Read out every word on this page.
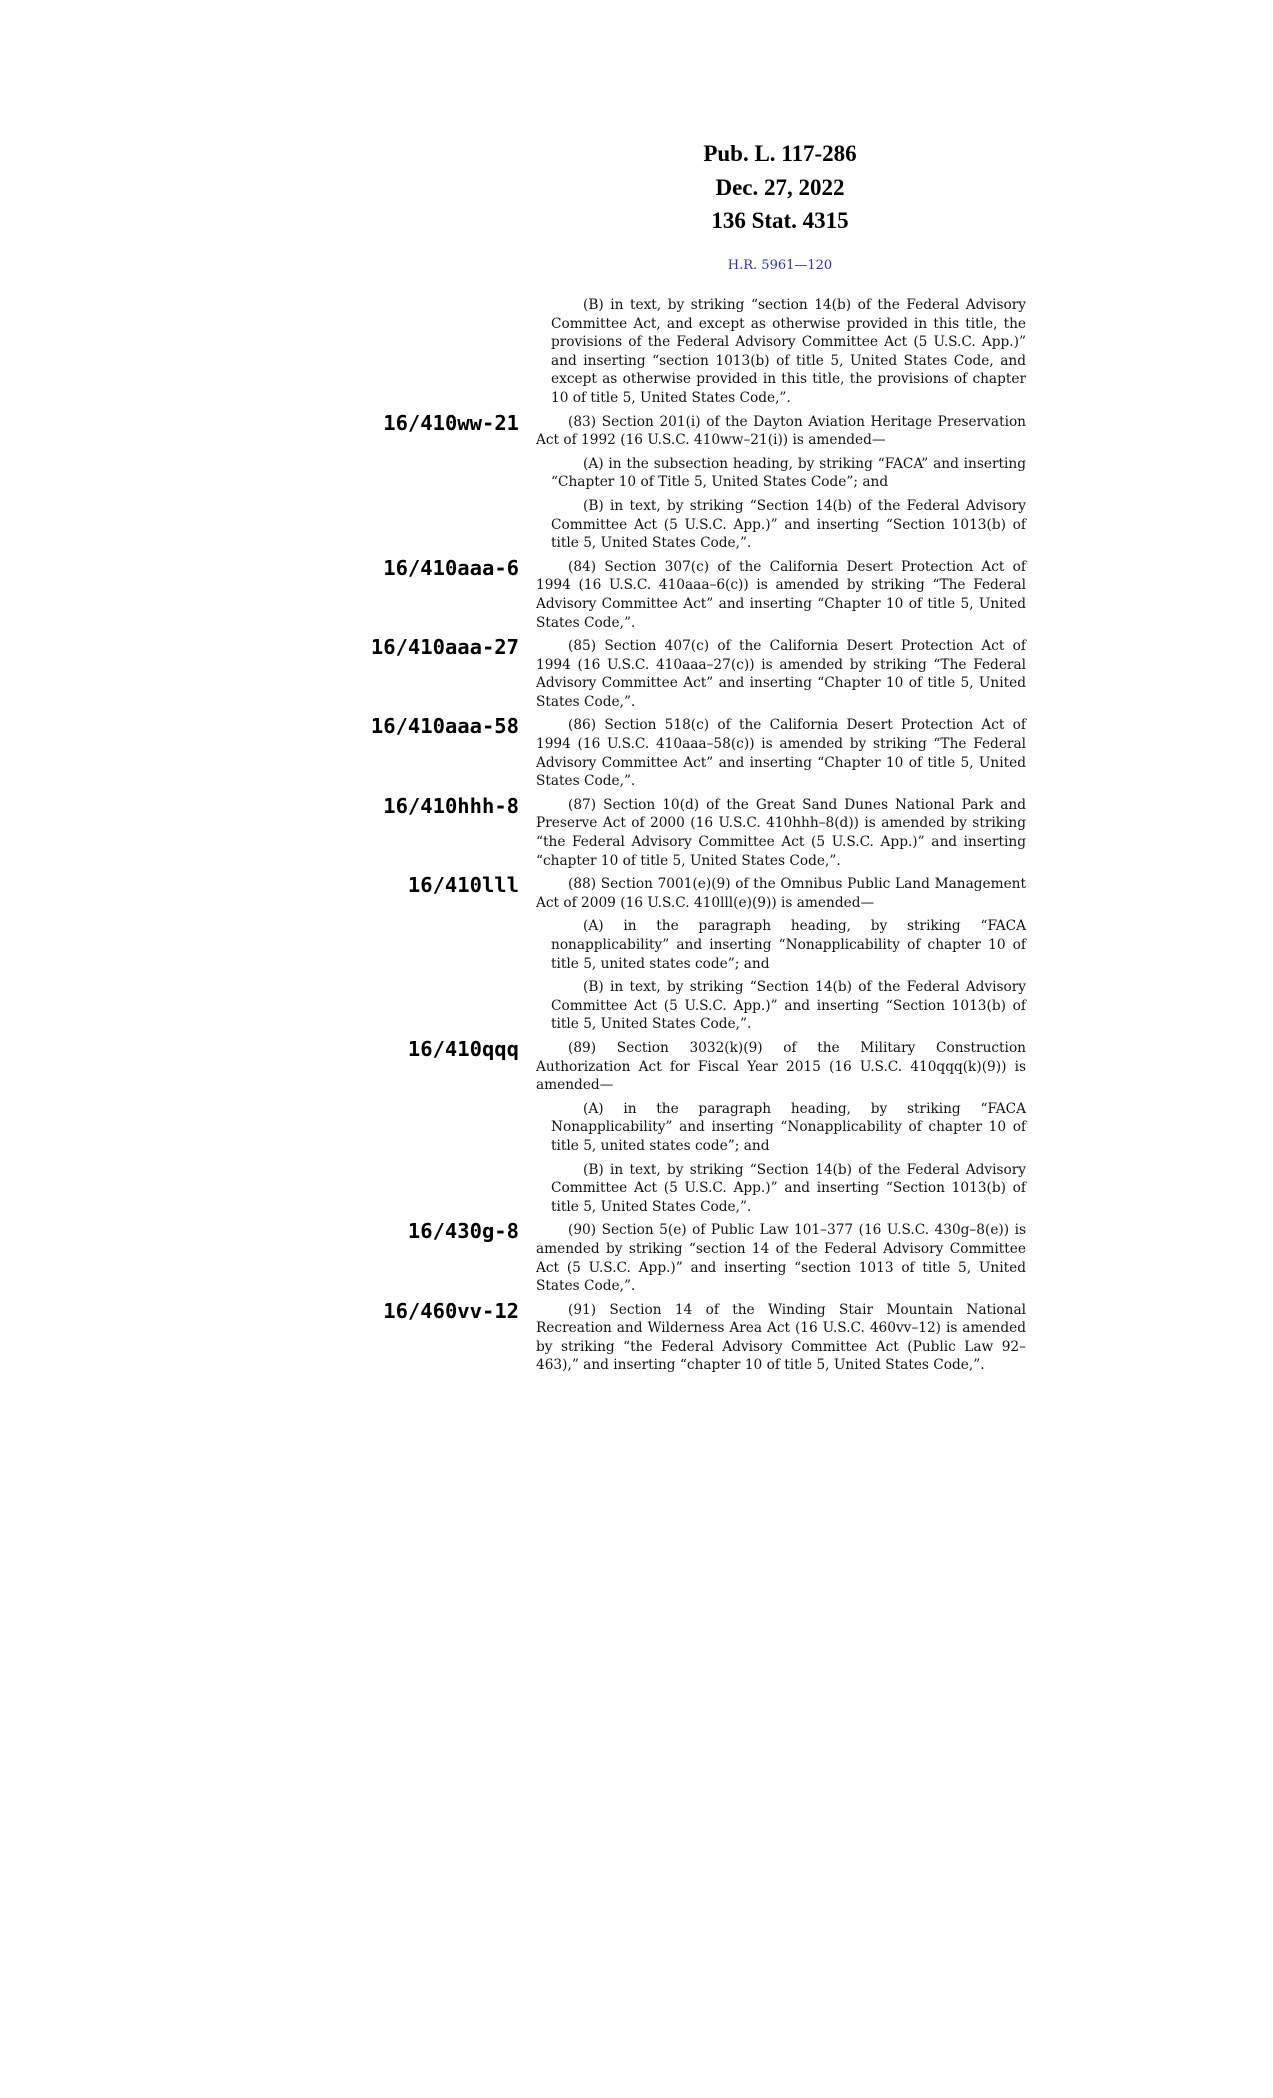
Pub. L. 117-286
Dec. 27, 2022
136 Stat. 4315

H.R. 5961—120

(B) in text, by striking “section 14(b) of the Federal Advisory Committee Act, and except as otherwise provided in this title, the provisions of the Federal Advisory Committee Act (5 U.S.C. App.)” and inserting “section 1013(b) of title 5, United States Code, and except as otherwise provided in this title, the provisions of chapter 10 of title 5, United States Code,”.

16/410ww-21	(83) Section 201(i) of the Dayton Aviation Heritage Preservation Act of 1992 (16 U.S.C. 410ww–21(i)) is amended—

(A) in the subsection heading, by striking “FACA” and inserting “Chapter 10 of Title 5, United States Code”; and

(B) in text, by striking “Section 14(b) of the Federal Advisory Committee Act (5 U.S.C. App.)” and inserting “Section 1013(b) of title 5, United States Code,”.

16/410aaa-6	(84) Section 307(c) of the California Desert Protection Act of 1994 (16 U.S.C. 410aaa–6(c)) is amended by striking “The Federal Advisory Committee Act” and inserting “Chapter 10 of title 5, United States Code,”.

16/410aaa-27	(85) Section 407(c) of the California Desert Protection Act of 1994 (16 U.S.C. 410aaa–27(c)) is amended by striking “The Federal Advisory Committee Act” and inserting “Chapter 10 of title 5, United States Code,”.

16/410aaa-58	(86) Section 518(c) of the California Desert Protection Act of 1994 (16 U.S.C. 410aaa–58(c)) is amended by striking “The Federal Advisory Committee Act” and inserting “Chapter 10 of title 5, United States Code,”.

16/410hhh-8	(87) Section 10(d) of the Great Sand Dunes National Park and Preserve Act of 2000 (16 U.S.C. 410hhh–8(d)) is amended by striking “the Federal Advisory Committee Act (5 U.S.C. App.)” and inserting “chapter 10 of title 5, United States Code,”.

16/410lll	(88) Section 7001(e)(9) of the Omnibus Public Land Management Act of 2009 (16 U.S.C. 410lll(e)(9)) is amended—

(A) in the paragraph heading, by striking “FACA nonapplicability” and inserting “Nonapplicability of chapter 10 of title 5, united states code”; and

(B) in text, by striking “Section 14(b) of the Federal Advisory Committee Act (5 U.S.C. App.)” and inserting “Section 1013(b) of title 5, United States Code,”.

16/410qqq	(89) Section 3032(k)(9) of the Military Construction Authorization Act for Fiscal Year 2015 (16 U.S.C. 410qqq(k)(9)) is amended—

(A) in the paragraph heading, by striking “FACA Nonapplicability” and inserting “Nonapplicability of chapter 10 of title 5, united states code”; and

(B) in text, by striking “Section 14(b) of the Federal Advisory Committee Act (5 U.S.C. App.)” and inserting “Section 1013(b) of title 5, United States Code,”.

16/430g-8	(90) Section 5(e) of Public Law 101–377 (16 U.S.C. 430g–8(e)) is amended by striking “section 14 of the Federal Advisory Committee Act (5 U.S.C. App.)” and inserting “section 1013 of title 5, United States Code,”.

16/460vv-12	(91) Section 14 of the Winding Stair Mountain National Recreation and Wilderness Area Act (16 U.S.C. 460vv–12) is amended by striking “the Federal Advisory Committee Act (Public Law 92–463),” and inserting “chapter 10 of title 5, United States Code,”.
